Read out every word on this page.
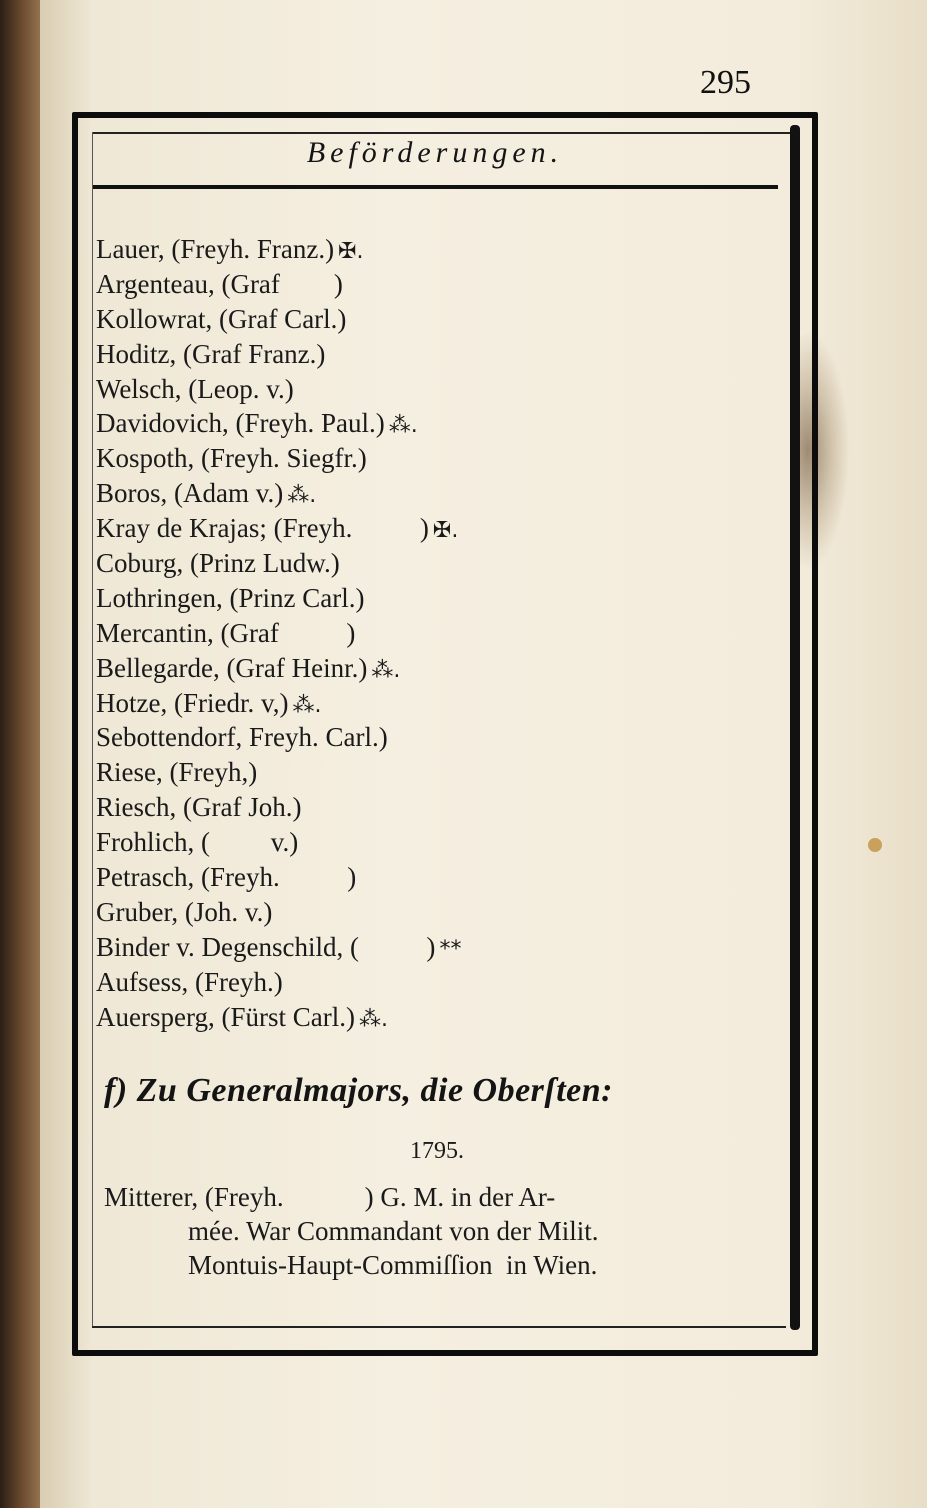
295
Beförderungen.
Lauer, (Freyh. Franz.) ✠.
Argenteau, (Graf        )
Kollowrat, (Graf Carl.)
Hoditz, (Graf Franz.)
Welsch, (Leop. v.)
Davidovich, (Freyh. Paul.) ⁂.
Kospoth, (Freyh. Siegfr.)
Boros, (Adam v.) ⁂.
Kray de Krajas; (Freyh.          ) ✠.
Coburg, (Prinz Ludw.)
Lothringen, (Prinz Carl.)
Mercantin, (Graf          )
Bellegarde, (Graf Heinr.) ⁂.
Hotze, (Friedr. v,) ⁂.
Sebottendorf, Freyh. Carl.)
Riese, (Freyh,)
Riesch, (Graf Joh.)
Frohlich, (         v.)
Petrasch, (Freyh.          )
Gruber, (Joh. v.)
Binder v. Degenschild, (          ) **
Aufsess, (Freyh.)
Auersperg, (Fürst Carl.) ⁂.
f) Zu Generalmajors, die Oberſten:
1795.
Mitterer, (Freyh.            ) G. M. in der Ar-
mée. War Commandant von der Milit.
Montuis-Haupt-Commiſſion  in Wien.
